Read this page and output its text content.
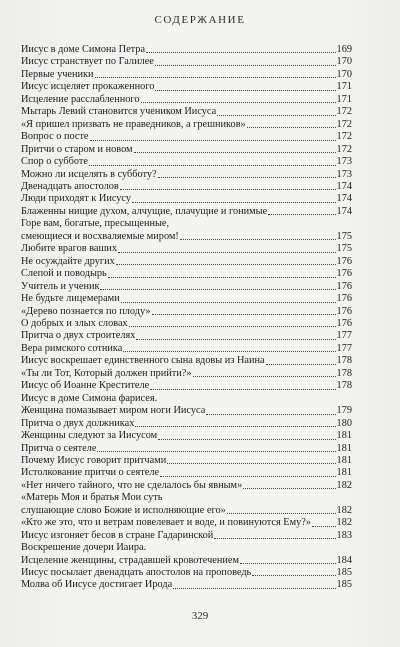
СОДЕРЖАНИЕ
Иисус в доме Симона Петра	169
Иисус странствует по Галилее	170
Первые ученики	170
Иисус исцеляет прокаженного	171
Исцеление расслабленного	171
Мытарь Левий становится учеником Иисуса	172
«Я пришел призвать не праведников, а грешников»	172
Вопрос о посте	172
Притчи о старом и новом	172
Спор о субботе	173
Можно ли исцелять в субботу?	173
Двенадцать апостолов	174
Люди приходят к Иисусу	174
Блаженны нищие духом, алчущие, плачущие и гонимые	174
Горе вам, богатые, пресыщенные,
смеющиеся и восхваляемые миром!	175
Любите врагов ваших	175
Не осуждайте других	176
Слепой и поводырь	176
Учитель и ученик	176
Не будьте лицемерами	176
«Дерево познается по плоду»	176
О добрых и злых словах	176
Притча о двух строителях	177
Вера римского сотника	177
Иисус воскрешает единственного сына вдовы из Наина	178
«Ты ли Тот, Который должен прийти?»	178
Иисус об Иоанне Крестителе	178
Иисус в доме Симона фарисея.
Женщина помазывает миром ноги Иисуса	179
Притча о двух должниках	180
Женщины следуют за Иисусом	181
Притча о сеятеле	181
Почему Иисус говорит притчами	181
Истолкование притчи о сеятеле	181
«Нет ничего тайного, что не сделалось бы явным»	182
«Матерь Моя и братья Мои суть
слушающие слово Божие и исполняющие его»	182
«Кто же это, что и ветрам повелевает и воде, и повинуются Ему?» 182
Иисус изгоняет бесов в стране Гадаринской	183
Воскрешение дочери Иаира.
Исцеление женщины, страдавшей кровотечением	184
Иисус посылает двенадцать апостолов на проповедь	185
Молва об Иисусе достигает Ирода	185
329
